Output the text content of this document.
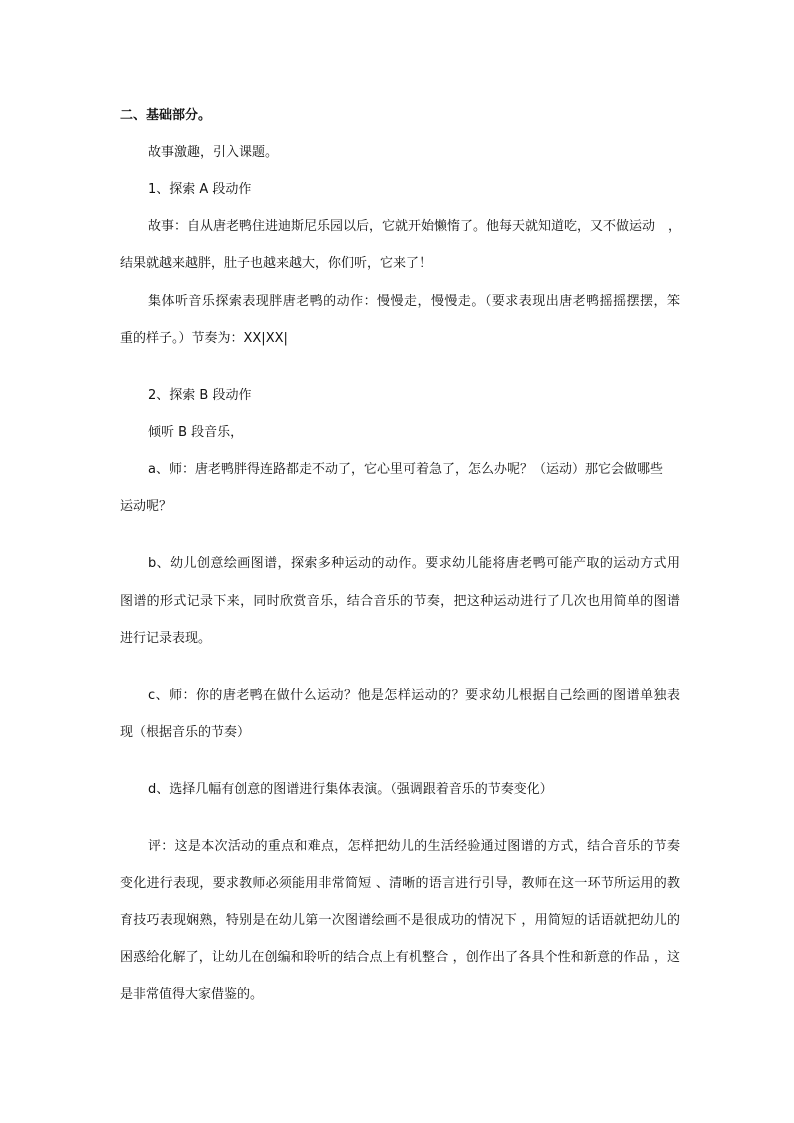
二、基础部分。

故事激趣，引入课题。

1、探索 A 段动作

故事：自从唐老鸭住进迪斯尼乐园以后，它就开始懒惰了。他每天就知道吃，又不做运动　，

结果就越来越胖，肚子也越来越大，你们听，它来了！

集体听音乐探索表现胖唐老鸭的动作：慢慢走，慢慢走。（要求表现出唐老鸭摇摇摆摆，笨

重的样子。）节奏为：XX|XX|

2、探索 B 段动作

倾听 B 段音乐，

a、师：唐老鸭胖得连路都走不动了，它心里可着急了，怎么办呢？（运动）那它会做哪些

运动呢？

b、幼儿创意绘画图谱，探索多种运动的动作。要求幼儿能将唐老鸭可能产取的运动方式用

图谱的形式记录下来，同时欣赏音乐，结合音乐的节奏，把这种运动进行了几次也用简单的图谱

进行记录表现。

c、师：你的唐老鸭在做什么运动？他是怎样运动的？要求幼儿根据自己绘画的图谱单独表

现（根据音乐的节奏）

d、选择几幅有创意的图谱进行集体表演。（强调跟着音乐的节奏变化）

评：这是本次活动的重点和难点，怎样把幼儿的生活经验通过图谱的方式，结合音乐的节奏

变化进行表现，要求教师必须能用非常简短 、清晰的语言进行引导，教师在这一环节所运用的教

育技巧表现娴熟，特别是在幼儿第一次图谱绘画不是很成功的情况下 ，用简短的话语就把幼儿的

困惑给化解了，让幼儿在创编和聆听的结合点上有机整合 ，创作出了各具个性和新意的作品 ，这

是非常值得大家借鉴的。
